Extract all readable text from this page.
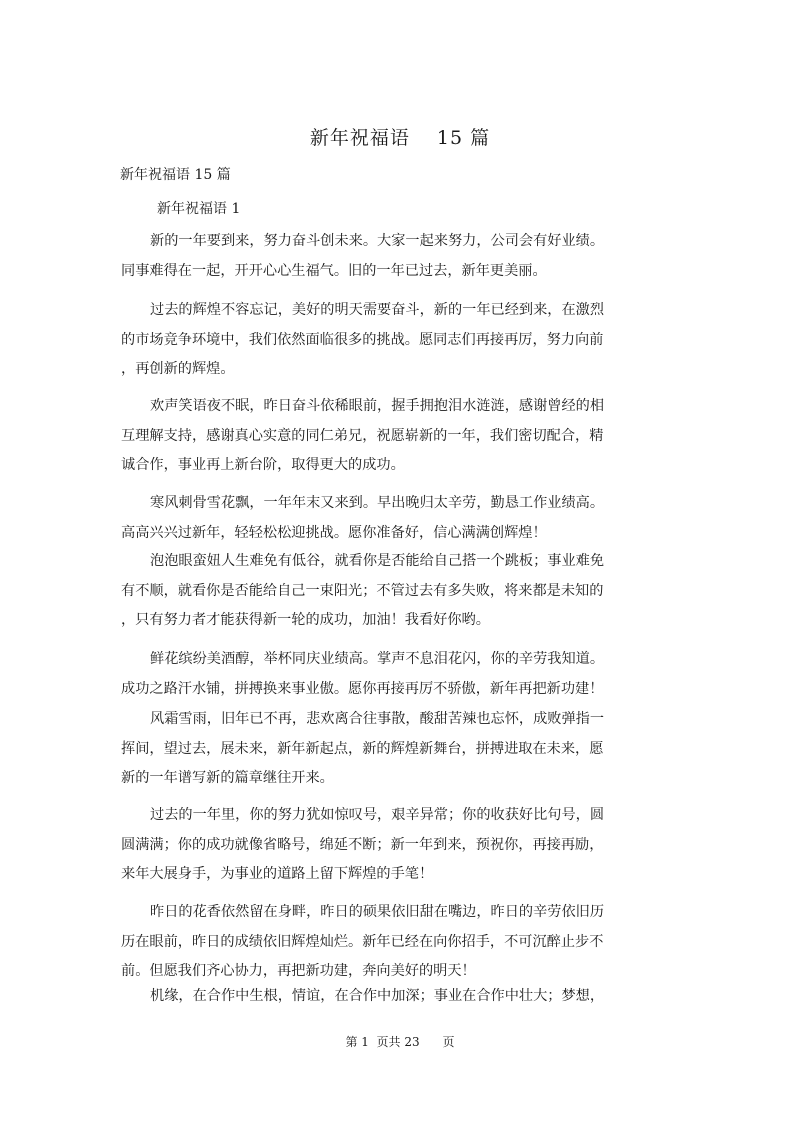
新年祝福语　 15 篇
新年祝福语 15 篇
新年祝福语 1
新的一年要到来，努力奋斗创未来。大家一起来努力，公司会有好业绩。
同事难得在一起，开开心心生福气。旧的一年已过去，新年更美丽。
过去的辉煌不容忘记，美好的明天需要奋斗，新的一年已经到来，在激烈
的市场竞争环境中，我们依然面临很多的挑战。愿同志们再接再厉，努力向前
，再创新的辉煌。
欢声笑语夜不眠，昨日奋斗依稀眼前，握手拥抱泪水涟涟，感谢曾经的相
互理解支持，感谢真心实意的同仁弟兄，祝愿崭新的一年，我们密切配合，精
诚合作，事业再上新台阶，取得更大的成功。
寒风刺骨雪花飘，一年年末又来到。早出晚归太辛劳，勤恳工作业绩高。
高高兴兴过新年，轻轻松松迎挑战。愿你准备好，信心满满创辉煌！
泡泡眼蛮妞人生难免有低谷，就看你是否能给自己搭一个跳板；事业难免
有不顺，就看你是否能给自己一束阳光；不管过去有多失败，将来都是未知的
，只有努力者才能获得新一轮的成功，加油！我看好你哟。
鲜花缤纷美酒醇，举杯同庆业绩高。掌声不息泪花闪，你的辛劳我知道。
成功之路汗水铺，拼搏换来事业傲。愿你再接再厉不骄傲，新年再把新功建！
风霜雪雨，旧年已不再，悲欢离合往事散，酸甜苦辣也忘怀，成败弹指一
挥间，望过去，展未来，新年新起点，新的辉煌新舞台，拼搏进取在未来，愿
新的一年谱写新的篇章继往开来。
过去的一年里，你的努力犹如惊叹号，艰辛异常；你的收获好比句号，圆
圆满满；你的成功就像省略号，绵延不断；新一年到来，预祝你，再接再励，
来年大展身手，为事业的道路上留下辉煌的手笔！
昨日的花香依然留在身畔，昨日的硕果依旧甜在嘴边，昨日的辛劳依旧历
历在眼前，昨日的成绩依旧辉煌灿烂。新年已经在向你招手，不可沉醉止步不
前。但愿我们齐心协力，再把新功建，奔向美好的明天！
机缘，在合作中生根，情谊，在合作中加深；事业在合作中壮大；梦想，
第 1  页共 23      页
